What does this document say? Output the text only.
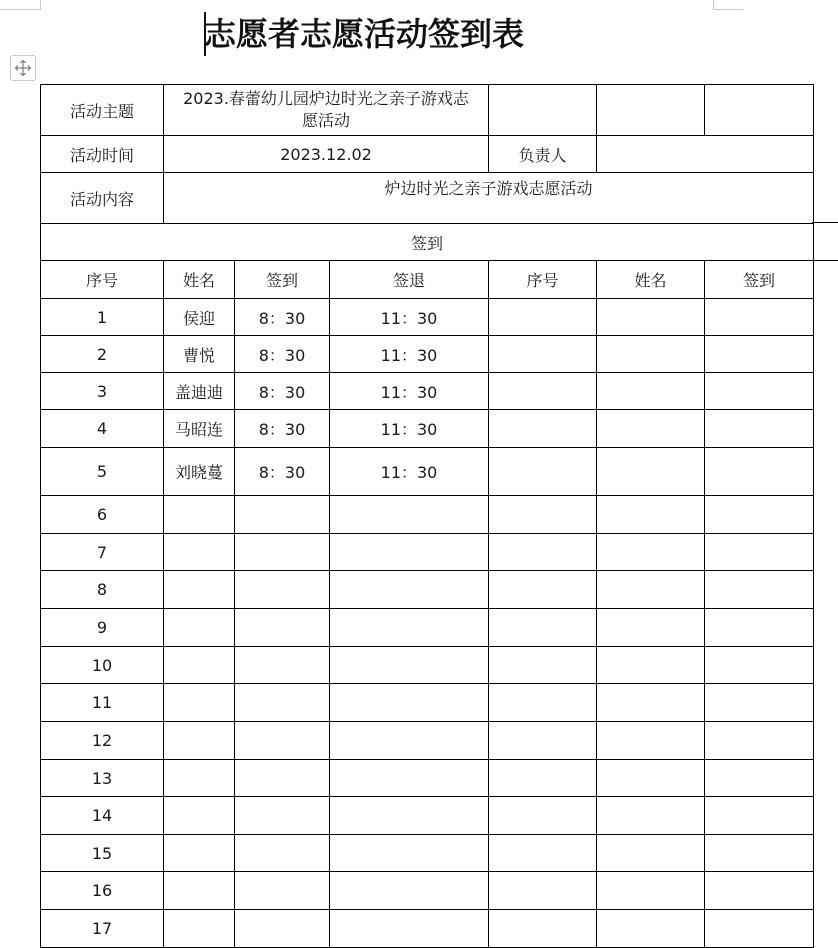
志愿者志愿活动签到表
活动主题	2023.春蕾幼儿园炉边时光之亲子游戏志愿活动					

活动时间	2023.12.02			负责人		
活动内容	炉边时光之亲子游戏志愿活动					
签到						
序号	姓名	签到	签退	序号	姓名	签到
1	侯迎	8：30	11：30			
2	曹悦	8：30	11：30			
3	盖迪迪	8：30	11：30			
4	马昭连	8：30	11：30			
5	刘晓蔓	8：30	11：30			
6						
7						
8						
9						
10						
11						
12						
13						
14						
15						
16						
17						
